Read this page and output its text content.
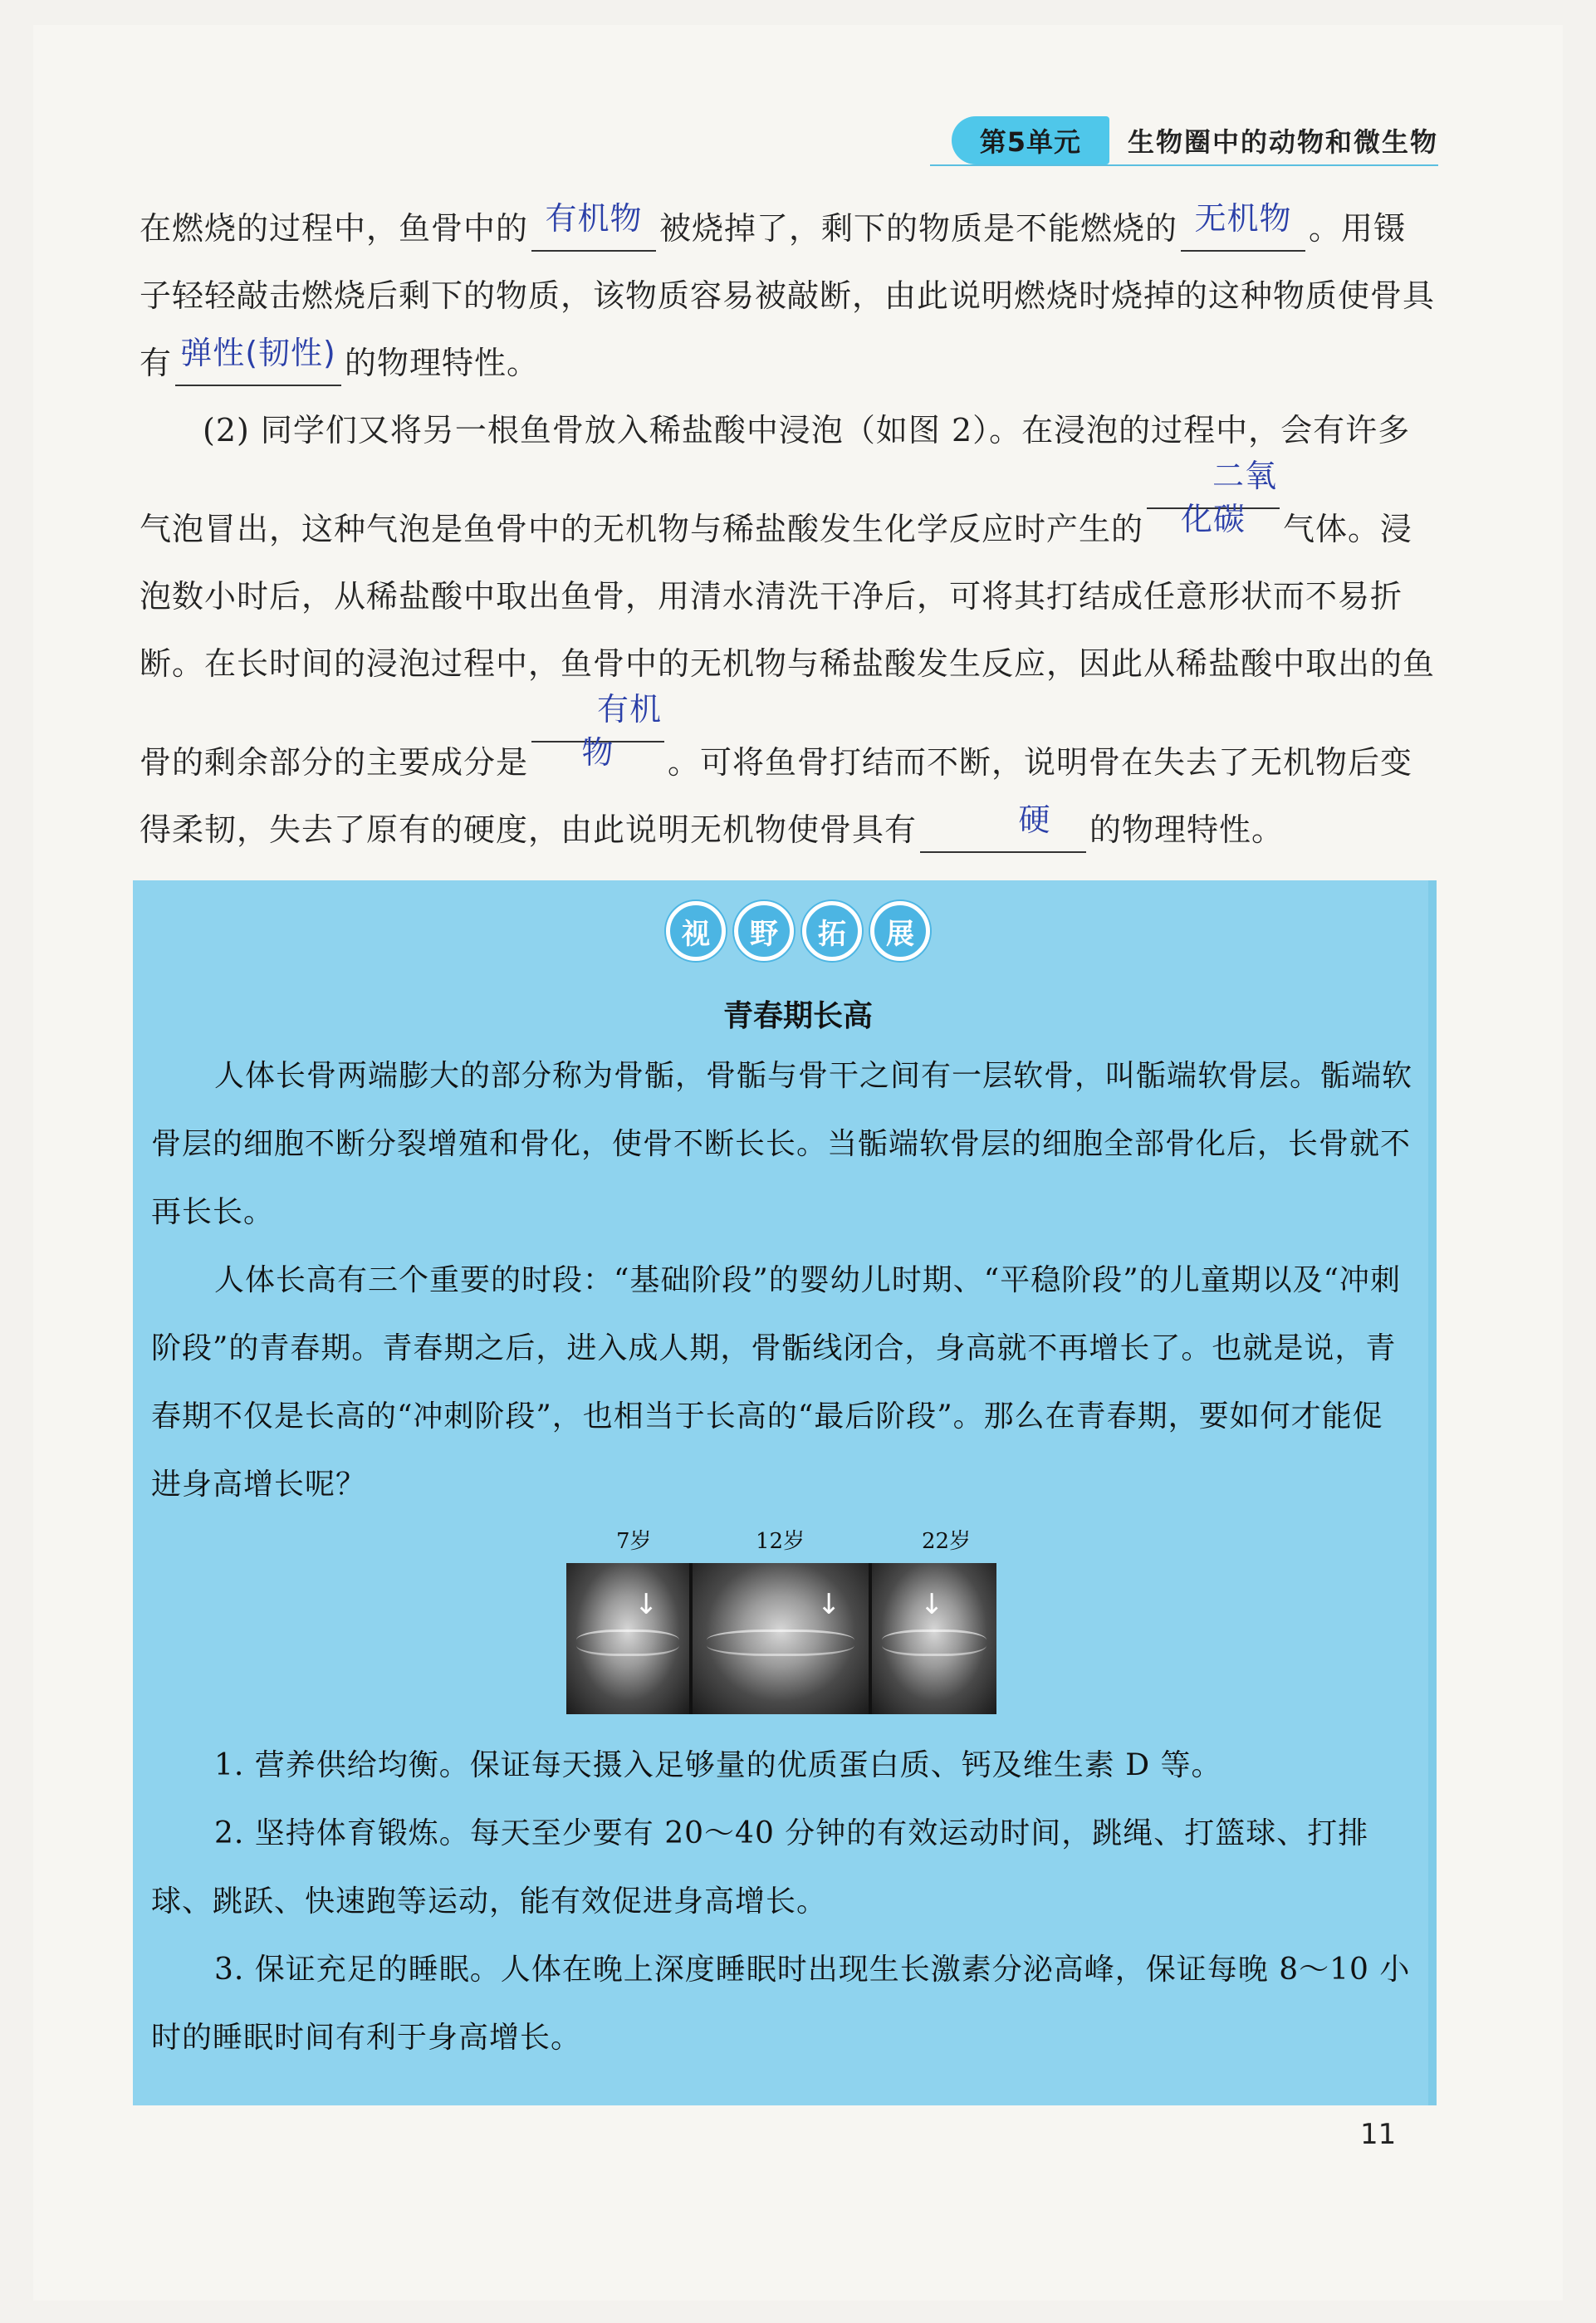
第5单元	生物圈中的动物和微生物

在燃烧的过程中，鱼骨中的 有机物 被烧掉了，剩下的物质是不能燃烧的 无机物 。用镊子轻轻敲击燃烧后剩下的物质，该物质容易被敲断，由此说明燃烧时烧掉的这种物质使骨具有 弹性(韧性) 的物理特性。

(2) 同学们又将另一根鱼骨放入稀盐酸中浸泡（如图 2）。在浸泡的过程中，会有许多气泡冒出，这种气泡是鱼骨中的无机物与稀盐酸发生化学反应时产生的二氧化碳 气体。浸泡数小时后，从稀盐酸中取出鱼骨，用清水清洗干净后，可将其打结成任意形状而不易折断。在长时间的浸泡过程中，鱼骨中的无机物与稀盐酸发生反应，因此从稀盐酸中取出的鱼骨的剩余部分的主要成分是有机物 。可将鱼骨打结而不断，说明骨在失去了无机物后变得柔韧，失去了原有的硬度，由此说明无机物使骨具有	硬 的物理特性。

视	野	拓	展
青春期长高

人体长骨两端膨大的部分称为骨骺，骨骺与骨干之间有一层软骨，叫骺端软骨层。骺端软骨层的细胞不断分裂增殖和骨化，使骨不断长长。当骺端软骨层的细胞全部骨化后，长骨就不再长长。

人体长高有三个重要的时段：“基础阶段”的婴幼儿时期、“平稳阶段”的儿童期以及“冲刺阶段”的青春期。青春期之后，进入成人期，骨骺线闭合，身高就不再增长了。也就是说，青春期不仅是长高的“冲刺阶段”，也相当于长高的“最后阶段”。那么在青春期，要如何才能促进身高增长呢？

7岁	12岁	22岁
↓	↓	↓

1. 营养供给均衡。保证每天摄入足够量的优质蛋白质、钙及维生素 D 等。

2. 坚持体育锻炼。每天至少要有 20～40 分钟的有效运动时间，跳绳、打篮球、打排球、跳跃、快速跑等运动，能有效促进身高增长。

3. 保证充足的睡眠。人体在晚上深度睡眠时出现生长激素分泌高峰，保证每晚 8～10 小时的睡眠时间有利于身高增长。

11
